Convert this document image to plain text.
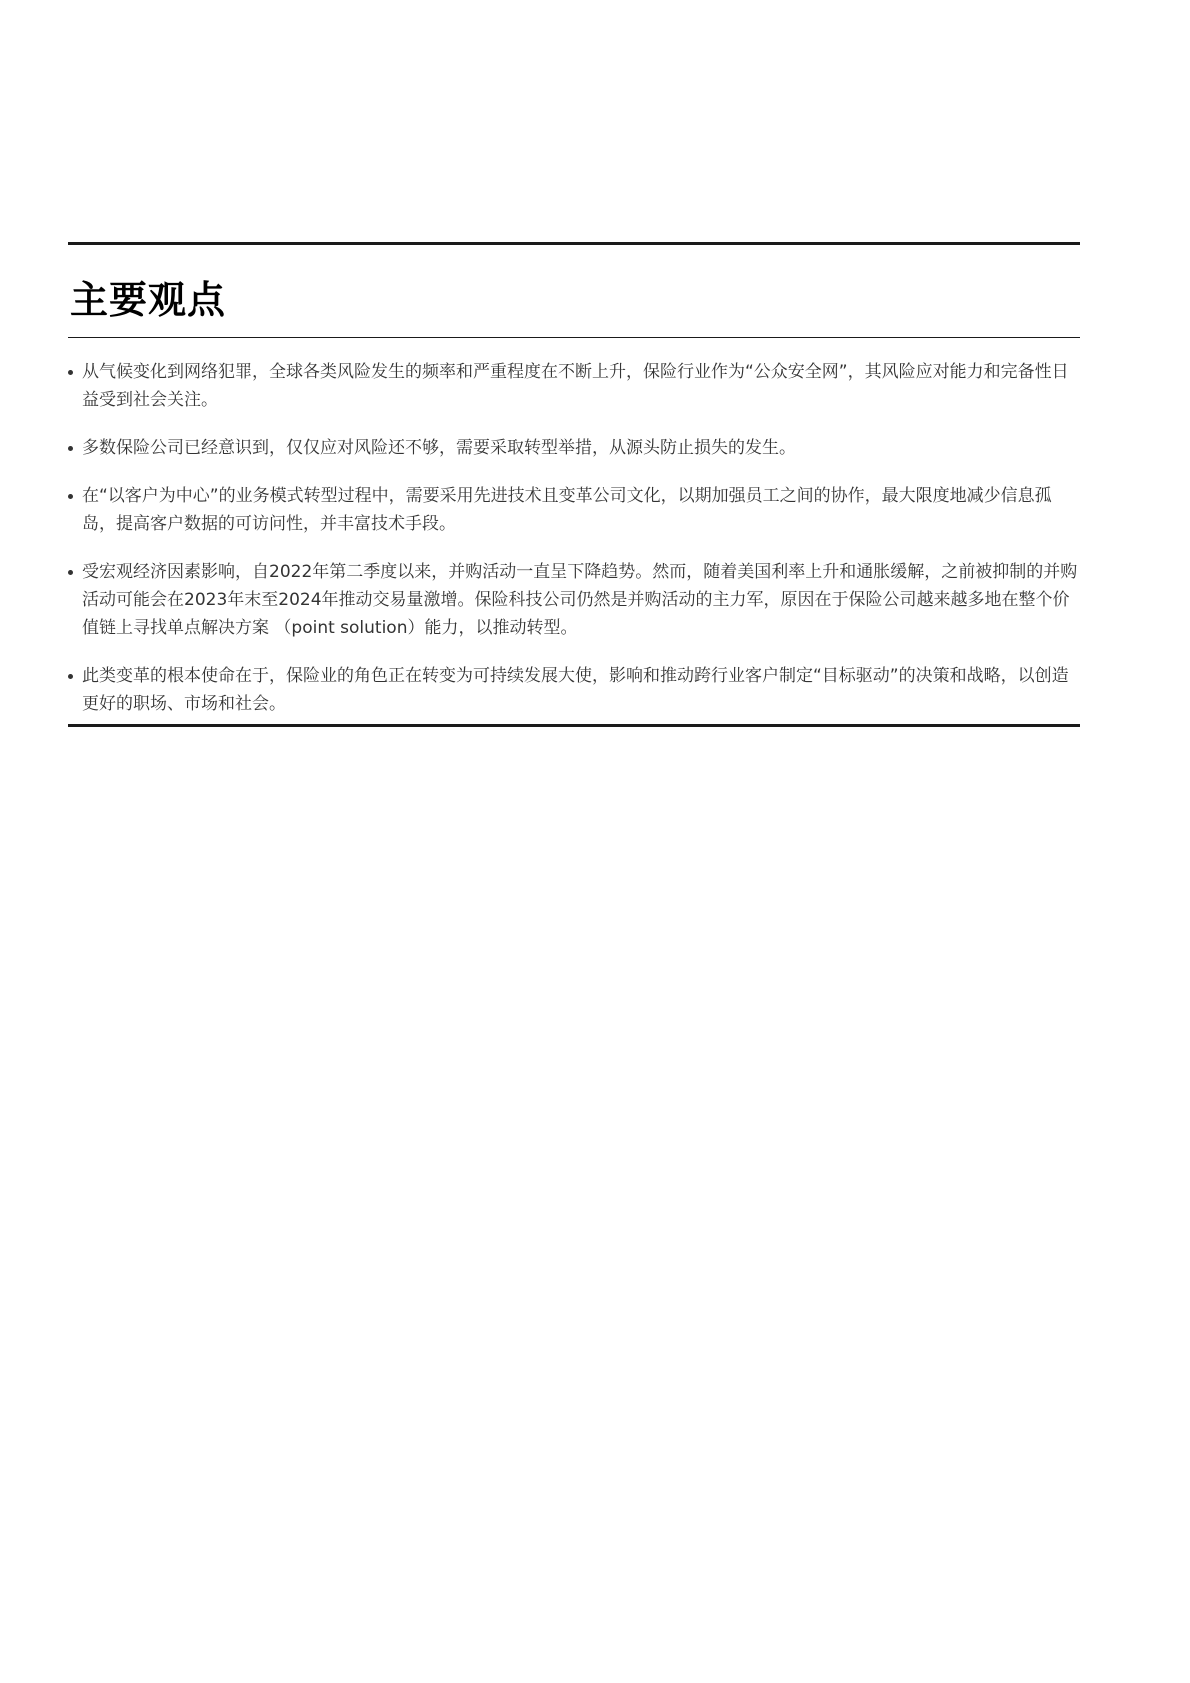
主要观点
从气候变化到网络犯罪，全球各类风险发生的频率和严重程度在不断上升，保险行业作为“公众安全网”，其风险应对能力和完备性日益受到社会关注。
多数保险公司已经意识到，仅仅应对风险还不够，需要采取转型举措，从源头防止损失的发生。
在“以客户为中心”的业务模式转型过程中，需要采用先进技术且变革公司文化，以期加强员工之间的协作，最大限度地减少信息孤岛，提高客户数据的可访问性，并丰富技术手段。
受宏观经济因素影响，自2022年第二季度以来，并购活动一直呈下降趋势。然而，随着美国利率上升和通胀缓解，之前被抑制的并购活动可能会在2023年末至2024年推动交易量激增。保险科技公司仍然是并购活动的主力军，原因在于保险公司越来越多地在整个价值链上寻找单点解决方案 （point solution）能力，以推动转型。
此类变革的根本使命在于，保险业的角色正在转变为可持续发展大使，影响和推动跨行业客户制定“目标驱动”的决策和战略，以创造更好的职场、市场和社会。
